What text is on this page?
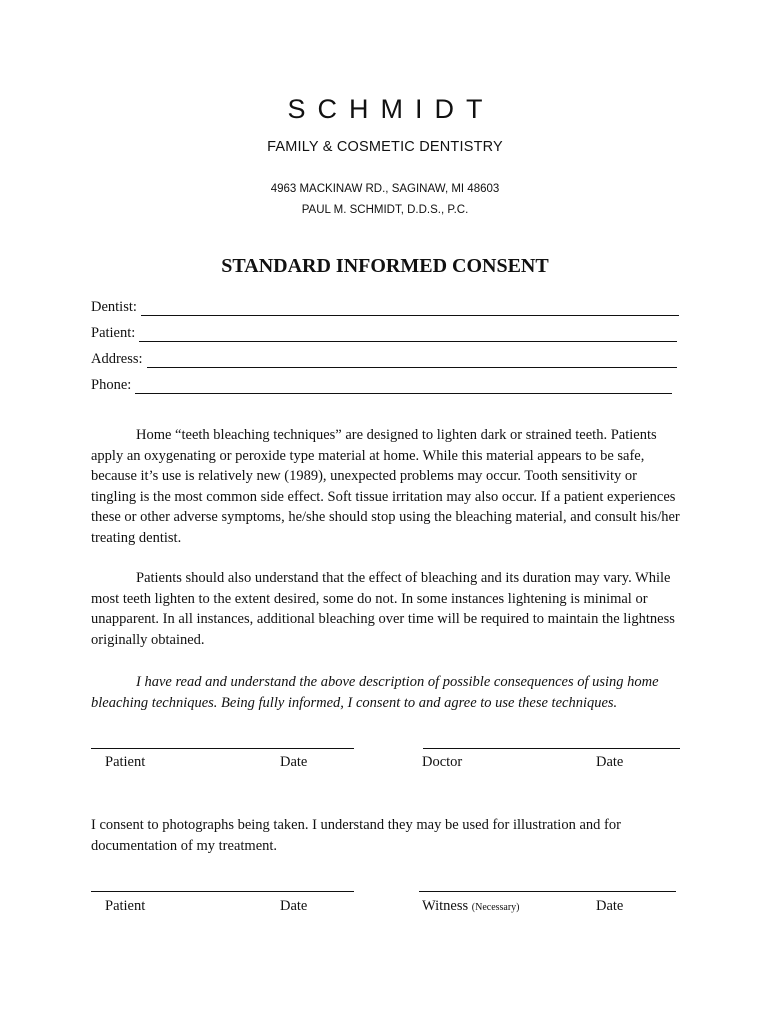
SCHMIDT
FAMILY & COSMETIC DENTISTRY
4963 MACKINAW RD., SAGINAW, MI 48603
PAUL M. SCHMIDT, D.D.S., P.C.
STANDARD INFORMED CONSENT
Dentist:
Patient:
Address:
Phone:

Home “teeth bleaching techniques” are designed to lighten dark or strained teeth. Patients apply an oxygenating or peroxide type material at home. While this material appears to be safe, because it’s use is relatively new (1989), unexpected problems may occur. Tooth sensitivity or tingling is the most common side effect. Soft tissue irritation may also occur. If a patient experiences these or other adverse symptoms, he/she should stop using the bleaching material, and consult his/her treating dentist.

Patients should also understand that the effect of bleaching and its duration may vary. While most teeth lighten to the extent desired, some do not. In some instances lightening is minimal or unapparent. In all instances, additional bleaching over time will be required to maintain the lightness originally obtained.

I have read and understand the above description of possible consequences of using home bleaching techniques. Being fully informed, I consent to and agree to use these techniques.

Patient	Date	Doctor	Date

I consent to photographs being taken. I understand they may be used for illustration and for documentation of my treatment.

Patient	Date	Witness (Necessary)	Date
